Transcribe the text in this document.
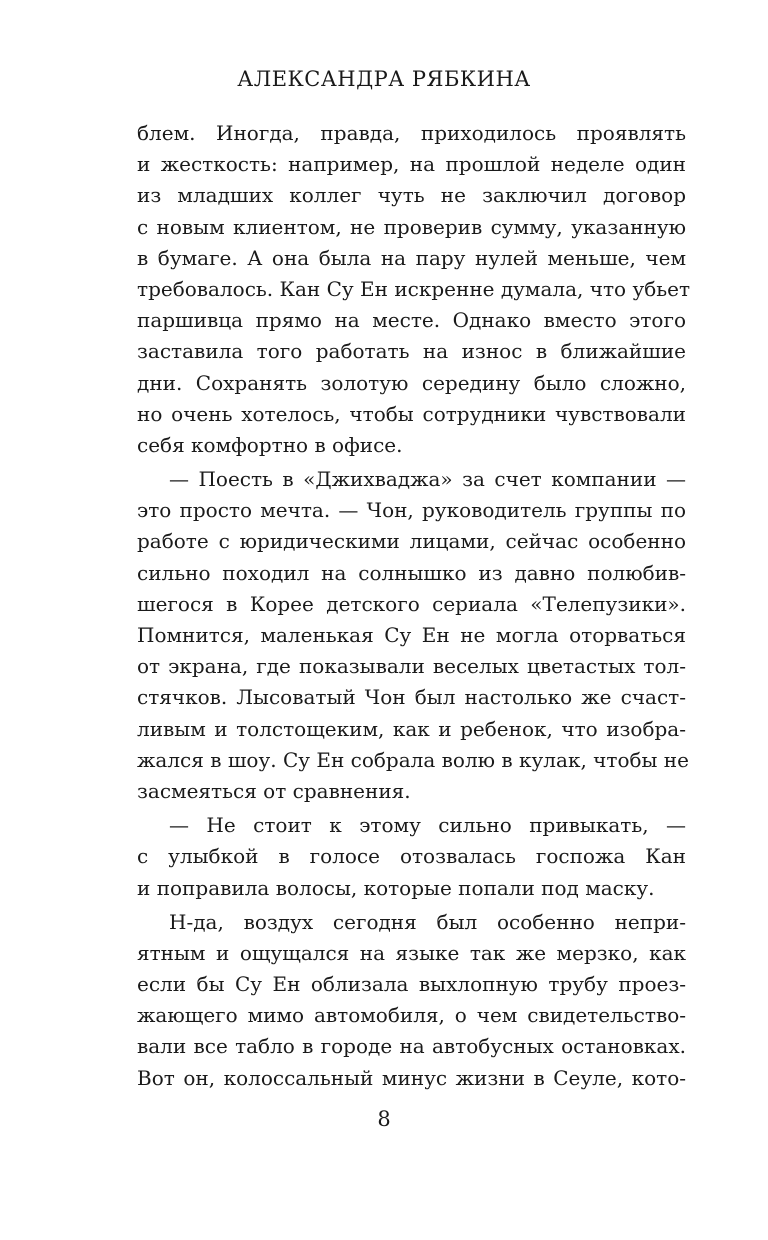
АЛЕКСАНДРА РЯБКИНА
блем. Иногда, правда, приходилось проявлять
и жесткость: например, на прошлой неделе один
из младших коллег чуть не заключил договор
с новым клиентом, не проверив сумму, указанную
в бумаге. А она была на пару нулей меньше, чем
требовалось. Кан Су Ен искренне думала, что убьет
паршивца прямо на месте. Однако вместо этого
заставила того работать на износ в ближайшие
дни. Сохранять золотую середину было сложно,
но очень хотелось, чтобы сотрудники чувствовали
себя комфортно в офисе.
— Поесть в «Джихваджа» за счет компании —
это просто мечта. — Чон, руководитель группы по
работе с юридическими лицами, сейчас особенно
сильно походил на солнышко из давно полюбив-
шегося в Корее детского сериала «Телепузики».
Помнится, маленькая Су Ен не могла оторваться
от экрана, где показывали веселых цветастых тол-
стячков. Лысоватый Чон был настолько же счаст-
ливым и толстощеким, как и ребенок, что изобра-
жался в шоу. Су Ен собрала волю в кулак, чтобы не
засмеяться от сравнения.
— Не стоит к этому сильно привыкать, —
с улыбкой в голосе отозвалась госпожа Кан
и поправила волосы, которые попали под маску.
Н-да, воздух сегодня был особенно непри-
ятным и ощущался на языке так же мерзко, как
если бы Су Ен облизала выхлопную трубу проез-
жающего мимо автомобиля, о чем свидетельство-
вали все табло в городе на автобусных остановках.
Вот он, колоссальный минус жизни в Сеуле, кото-
8
